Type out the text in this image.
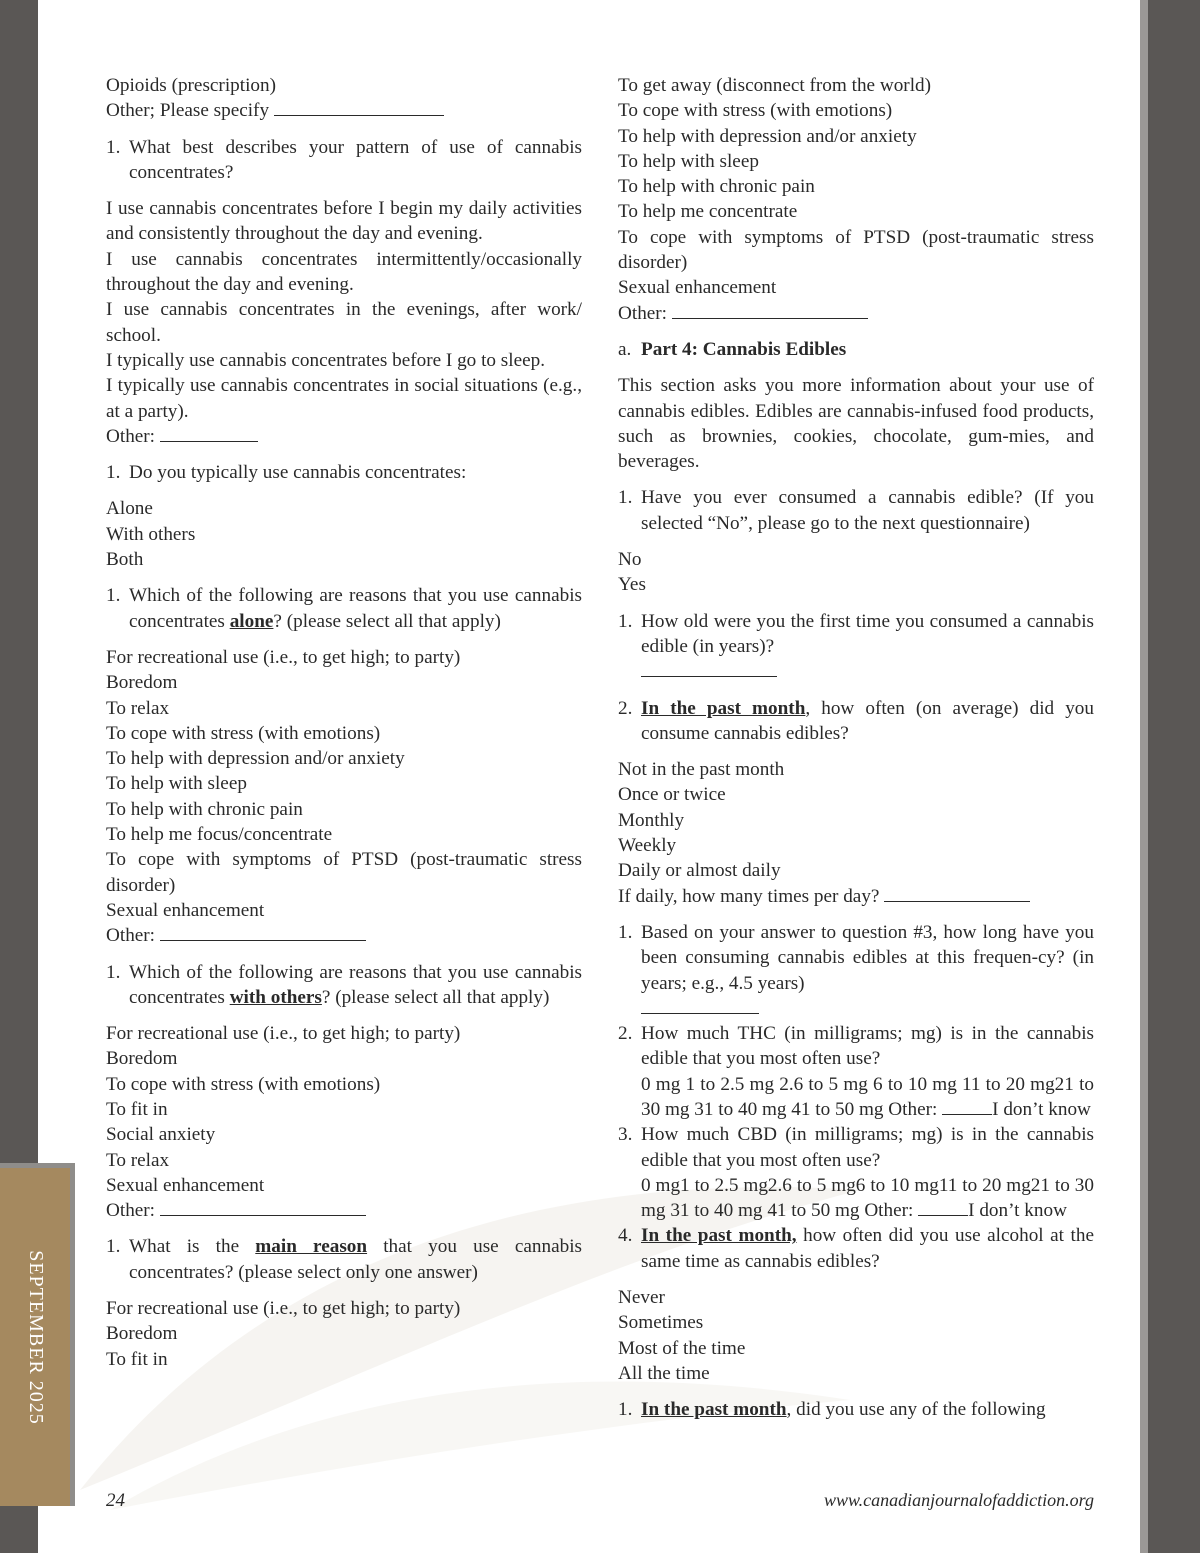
SEPTEMBER 2025
Opioids (prescription)
Other; Please specify
1. What best describes your pattern of use of cannabis concentrates?
I use cannabis concentrates before I begin my daily activities and consistently throughout the day and evening.
I use cannabis concentrates intermittently/occasionally throughout the day and evening.
I use cannabis concentrates in the evenings, after work/ school.
I typically use cannabis concentrates before I go to sleep.
I typically use cannabis concentrates in social situations (e.g., at a party).
Other:
1. Do you typically use cannabis concentrates:
Alone
With others
Both
1. Which of the following are reasons that you use cannabis concentrates alone? (please select all that apply)
For recreational use (i.e., to get high; to party)
Boredom
To relax
To cope with stress (with emotions)
To help with depression and/or anxiety
To help with sleep
To help with chronic pain
To help me focus/concentrate
To cope with symptoms of PTSD (post-traumatic stress disorder)
Sexual enhancement
Other:
1. Which of the following are reasons that you use cannabis concentrates with others? (please select all that apply)
For recreational use (i.e., to get high; to party)
Boredom
To cope with stress (with emotions)
To fit in
Social anxiety
To relax
Sexual enhancement
Other:
1. What is the main reason that you use cannabis concentrates? (please select only one answer)
For recreational use (i.e., to get high; to party)
Boredom
To fit in
To get away (disconnect from the world)
To cope with stress (with emotions)
To help with depression and/or anxiety
To help with sleep
To help with chronic pain
To help me concentrate
To cope with symptoms of PTSD (post-traumatic stress disorder)
Sexual enhancement
Other:
a. Part 4: Cannabis Edibles
This section asks you more information about your use of cannabis edibles. Edibles are cannabis-infused food products, such as brownies, cookies, chocolate, gum-mies, and beverages.
1. Have you ever consumed a cannabis edible? (If you selected “No”, please go to the next questionnaire)
No
Yes
1. How old were you the first time you consumed a cannabis edible (in years)?

2. In the past month, how often (on average) did you consume cannabis edibles?
Not in the past month
Once or twice
Monthly
Weekly
Daily or almost daily
If daily, how many times per day?
1. Based on your answer to question #3, how long have you been consuming cannabis edibles at this frequen-cy? (in years; e.g., 4.5 years)

2. How much THC (in milligrams; mg) is in the cannabis edible that you most often use?
0 mg 1 to 2.5 mg 2.6 to 5 mg 6 to 10 mg 11 to 20 mg21 to 30 mg 31 to 40 mg 41 to 50 mg Other:	I don’t know
3. How much CBD (in milligrams; mg) is in the cannabis edible that you most often use?
0 mg1 to 2.5 mg2.6 to 5 mg6 to 10 mg11 to 20 mg21 to 30 mg 31 to 40 mg 41 to 50 mg Other:	I don’t know
4. In the past month, how often did you use alcohol at the same time as cannabis edibles?
Never
Sometimes
Most of the time
All the time
1. In the past month, did you use any of the following
24	www.canadianjournalofaddiction.org
